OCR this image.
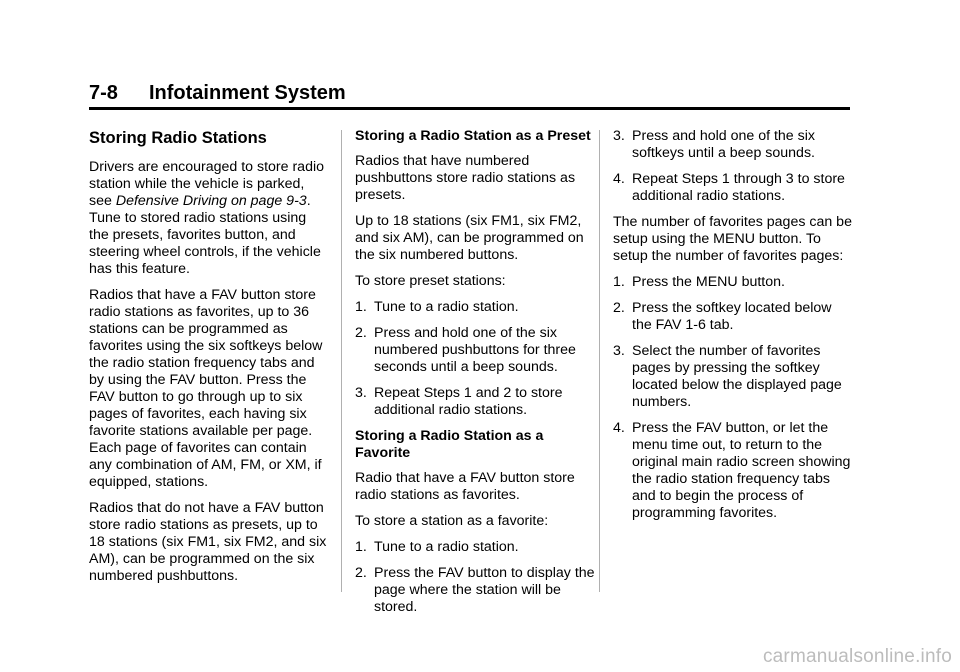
7-8 Infotainment System
Storing Radio Stations

Drivers are encouraged to store radio station while the vehicle is parked, see Defensive Driving on page 9-3. Tune to stored radio stations using the presets, favorites button, and steering wheel controls, if the vehicle has this feature.

Radios that have a FAV button store radio stations as favorites, up to 36 stations can be programmed as favorites using the six softkeys below the radio station frequency tabs and by using the FAV button. Press the FAV button to go through up to six pages of favorites, each having six favorite stations available per page. Each page of favorites can contain any combination of AM, FM, or XM, if equipped, stations.

Radios that do not have a FAV button store radio stations as presets, up to 18 stations (six FM1, six FM2, and six AM), can be programmed on the six numbered pushbuttons.

Storing a Radio Station as a Preset

Radios that have numbered pushbuttons store radio stations as presets.

Up to 18 stations (six FM1, six FM2, and six AM), can be programmed on the six numbered buttons.

To store preset stations:

1. Tune to a radio station.
2. Press and hold one of the six numbered pushbuttons for three seconds until a beep sounds.
3. Repeat Steps 1 and 2 to store additional radio stations.
Storing a Radio Station as a Favorite

Radio that have a FAV button store radio stations as favorites.

To store a station as a favorite:

1. Tune to a radio station.
2. Press the FAV button to display the page where the station will be stored.
3. Press and hold one of the six softkeys until a beep sounds.
4. Repeat Steps 1 through 3 to store additional radio stations.

The number of favorites pages can be setup using the MENU button. To setup the number of favorites pages:

1. Press the MENU button.
2. Press the softkey located below the FAV 1-6 tab.
3. Select the number of favorites pages by pressing the softkey located below the displayed page numbers.
4. Press the FAV button, or let the menu time out, to return to the original main radio screen showing the radio station frequency tabs and to begin the process of programming favorites.
carmanualsonline.info
